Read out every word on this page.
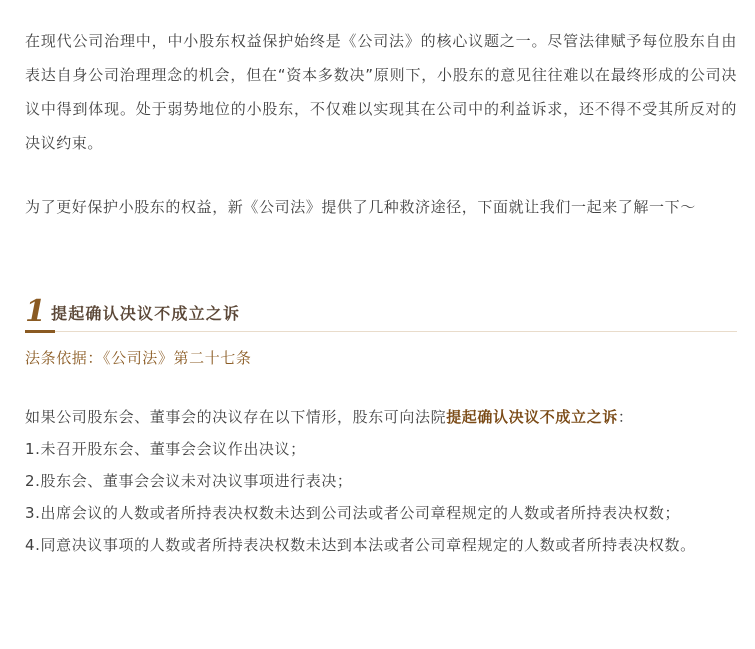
在现代公司治理中，中小股东权益保护始终是《公司法》的核心议题之一。尽管法律赋予每位股东自由表达自身公司治理理念的机会，但在“资本多数决”原则下，小股东的意见往往难以在最终形成的公司决议中得到体现。处于弱势地位的小股东，不仅难以实现其在公司中的利益诉求，还不得不受其所反对的决议约束。

为了更好保护小股东的权益，新《公司法》提供了几种救济途径，下面就让我们一起来了解一下～

1 提起确认决议不成立之诉
法条依据：《公司法》第二十七条
如果公司股东会、董事会的决议存在以下情形，股东可向法院提起确认决议不成立之诉：
1.未召开股东会、董事会会议作出决议；
2.股东会、董事会会议未对决议事项进行表决；
3.出席会议的人数或者所持表决权数未达到公司法或者公司章程规定的人数或者所持表决权数；
4.同意决议事项的人数或者所持表决权数未达到本法或者公司章程规定的人数或者所持表决权数。
